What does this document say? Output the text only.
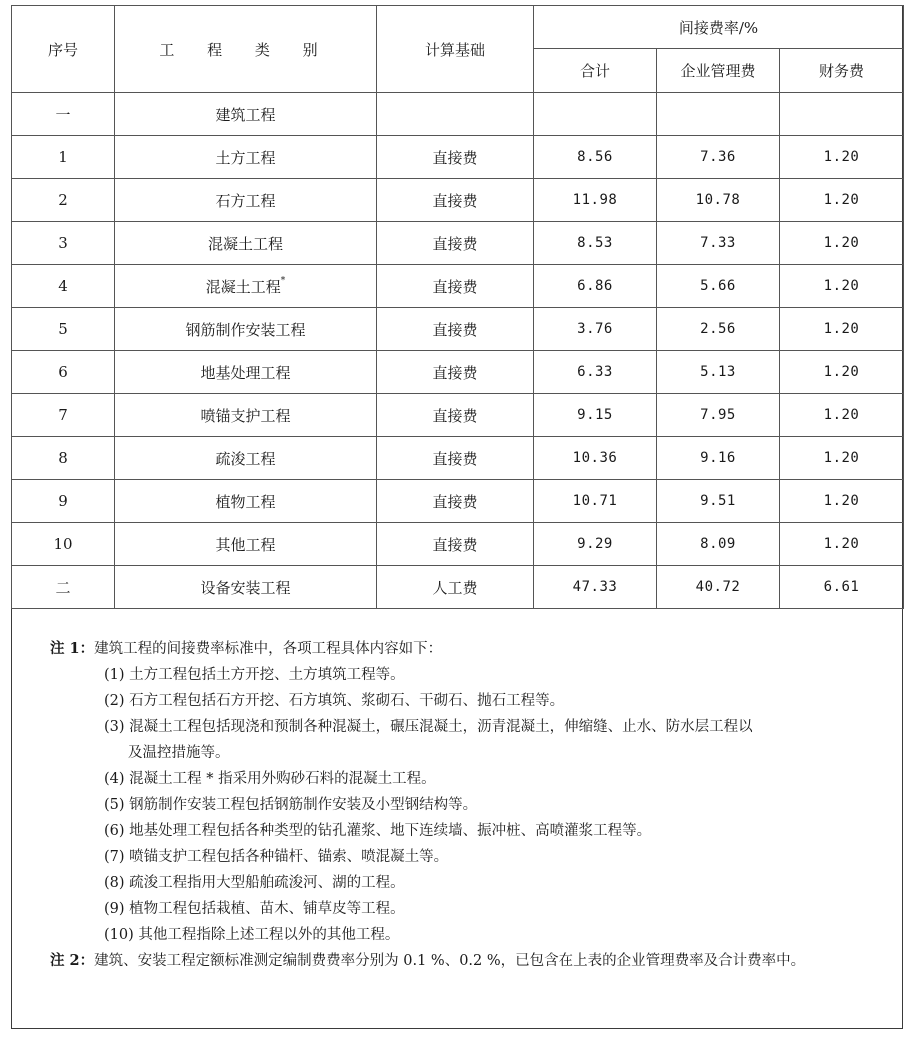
序号	工 程 类 别	计算基础	间接费率/%		
			合计	企业管理费	财务费
一	建筑工程				
1	土方工程	直接费	8.56	7.36	1.20
2	石方工程	直接费	11.98	10.78	1.20
3	混凝土工程	直接费	8.53	7.33	1.20
4	混凝土工程*	直接费	6.86	5.66	1.20
5	钢筋制作安装工程	直接费	3.76	2.56	1.20
6	地基处理工程	直接费	6.33	5.13	1.20
7	喷锚支护工程	直接费	9.15	7.95	1.20
8	疏浚工程	直接费	10.36	9.16	1.20
9	植物工程	直接费	10.71	9.51	1.20
10	其他工程	直接费	9.29	8.09	1.20
二	设备安装工程	人工费	47.33	40.72	6.61
注 1：建筑工程的间接费率标准中，各项工程具体内容如下：
(1) 土方工程包括土方开挖、土方填筑工程等。
(2) 石方工程包括石方开挖、石方填筑、浆砌石、干砌石、抛石工程等。
(3) 混凝土工程包括现浇和预制各种混凝土，碾压混凝土，沥青混凝土，伸缩缝、止水、防水层工程以
及温控措施等。
(4) 混凝土工程 * 指采用外购砂石料的混凝土工程。
(5) 钢筋制作安装工程包括钢筋制作安装及小型钢结构等。
(6) 地基处理工程包括各种类型的钻孔灌浆、地下连续墙、振冲桩、高喷灌浆工程等。
(7) 喷锚支护工程包括各种锚杆、锚索、喷混凝土等。
(8) 疏浚工程指用大型船舶疏浚河、湖的工程。
(9) 植物工程包括栽植、苗木、铺草皮等工程。
(10) 其他工程指除上述工程以外的其他工程。
注 2：建筑、安装工程定额标准测定编制费费率分别为 0.1 %、0.2 %，已包含在上表的企业管理费率及合计费率中。
